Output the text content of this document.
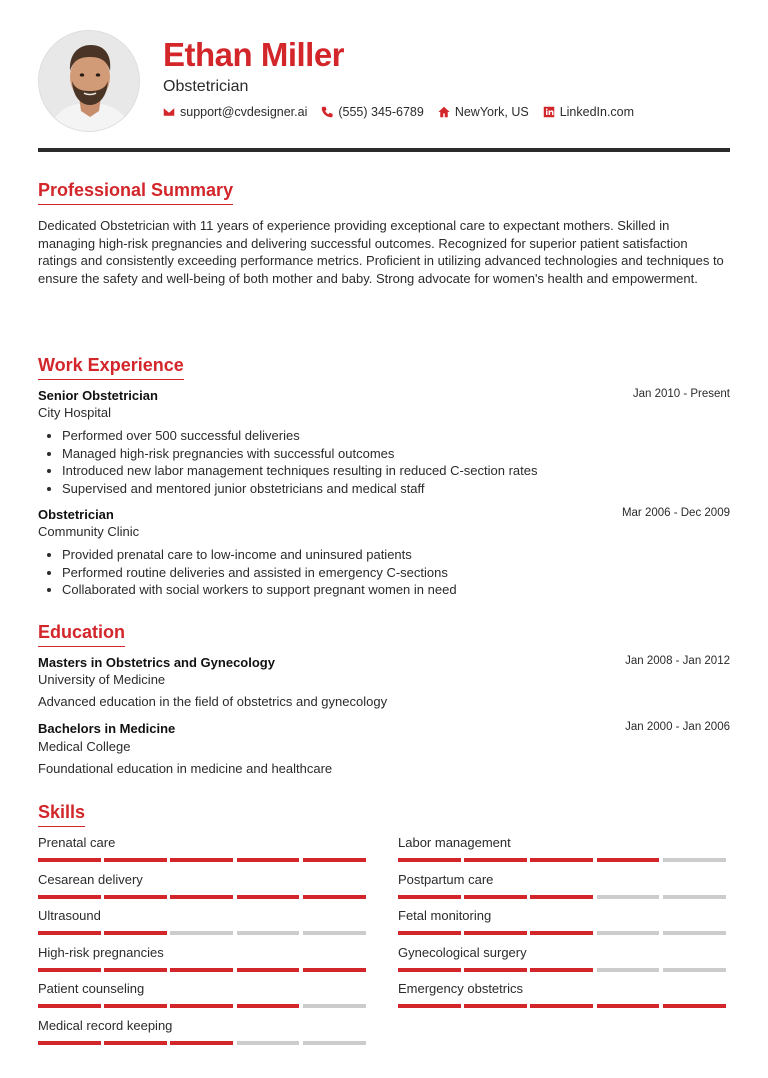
Ethan Miller
Obstetrician
support@cvdesigner.ai (555) 345-6789 NewYork, US LinkedIn.com
Professional Summary
Dedicated Obstetrician with 11 years of experience providing exceptional care to expectant mothers. Skilled in managing high-risk pregnancies and delivering successful outcomes. Recognized for superior patient satisfaction ratings and consistently exceeding performance metrics. Proficient in utilizing advanced technologies and techniques to ensure the safety and well-being of both mother and baby. Strong advocate for women's health and empowerment.
Work Experience
Senior Obstetrician	Jan 2010 - Present
City Hospital
Performed over 500 successful deliveries
Managed high-risk pregnancies with successful outcomes
Introduced new labor management techniques resulting in reduced C-section rates
Supervised and mentored junior obstetricians and medical staff
Obstetrician	Mar 2006 - Dec 2009
Community Clinic
Provided prenatal care to low-income and uninsured patients
Performed routine deliveries and assisted in emergency C-sections
Collaborated with social workers to support pregnant women in need
Education
Masters in Obstetrics and Gynecology	Jan 2008 - Jan 2012
University of Medicine
Advanced education in the field of obstetrics and gynecology
Bachelors in Medicine	Jan 2000 - Jan 2006
Medical College
Foundational education in medicine and healthcare
Skills
Prenatal care	Labor management
Cesarean delivery	Postpartum care
Ultrasound	Fetal monitoring
High-risk pregnancies	Gynecological surgery
Patient counseling	Emergency obstetrics
Medical record keeping
